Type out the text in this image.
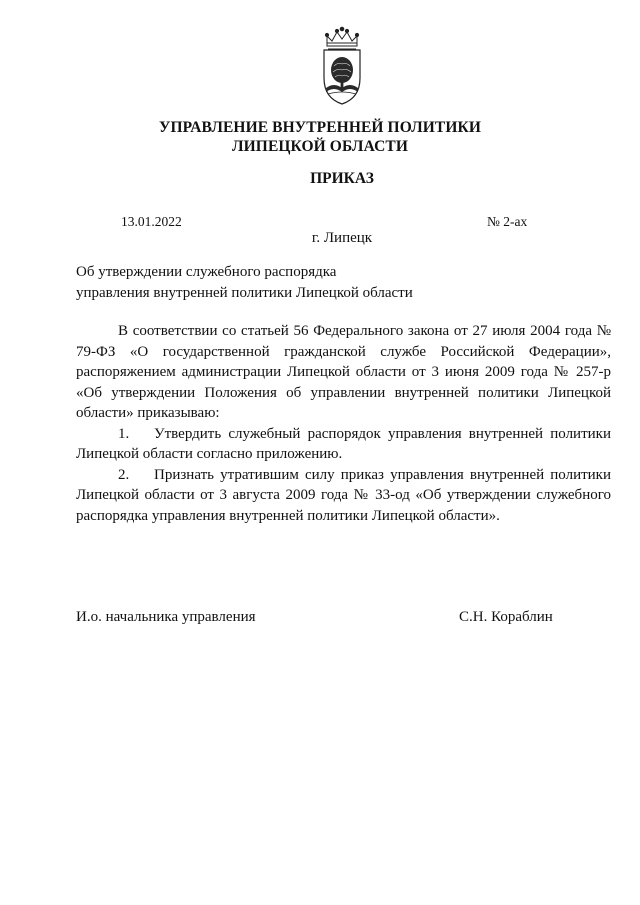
УПРАВЛЕНИЕ ВНУТРЕННЕЙ ПОЛИТИКИ
ЛИПЕЦКОЙ ОБЛАСТИ
ПРИКАЗ
13.01.2022	№ 2-ах
г. Липецк
Об утверждении служебного распорядка
управления внутренней политики Липецкой области

В соответствии со статьей 56 Федерального закона от 27 июля 2004 года № 79-ФЗ «О государственной гражданской службе Российской Федерации», распоряжением администрации Липецкой области от 3 июня 2009 года № 257-р «Об утверждении Положения об управлении внутренней политики Липецкой области» приказываю:

1. Утвердить служебный распорядок управления внутренней политики Липецкой области согласно приложению.

2. Признать утратившим силу приказ управления внутренней политики Липецкой области от 3 августа 2009 года № 33-од «Об утверждении служебного распорядка управления внутренней политики Липецкой области».

И.о. начальника управления	С.Н. Кораблин
